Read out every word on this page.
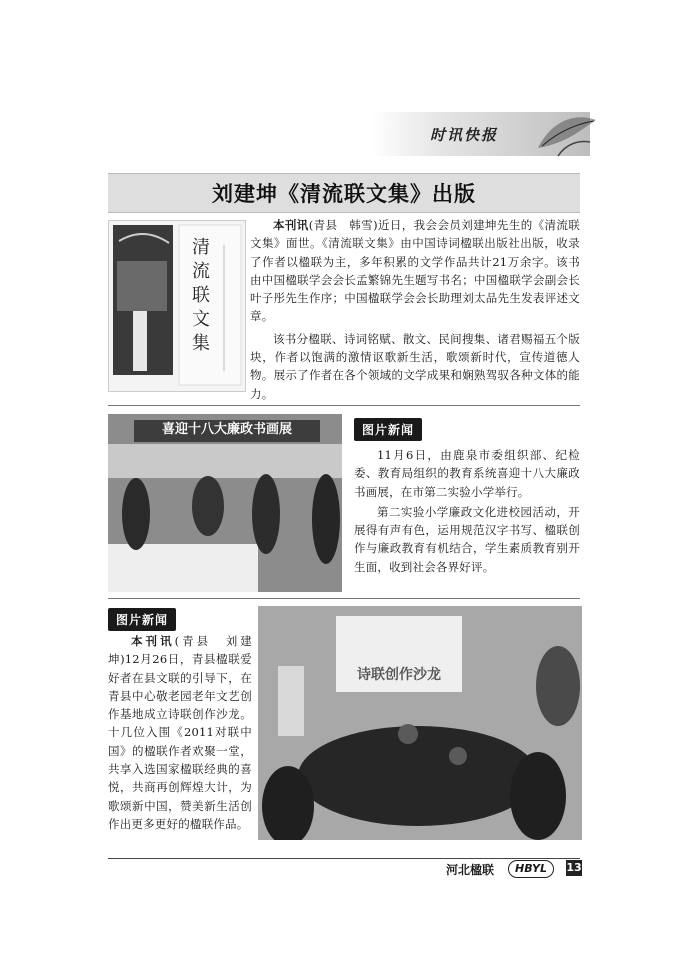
时讯快报
刘建坤《清流联文集》出版
清流联文集
本刊讯(青县　韩雪)近日，我会会员刘建坤先生的《清流联文集》面世。《清流联文集》由中国诗词楹联出版社出版，收录了作者以楹联为主，多年积累的文学作品共计21万余字。该书由中国楹联学会会长孟繁锦先生题写书名；中国楹联学会副会长叶子彤先生作序；中国楹联学会会长助理刘太品先生发表评述文章。
该书分楹联、诗词铭赋、散文、民间搜集、诸君赐福五个版块，作者以饱满的激情讴歌新生活，歌颂新时代，宣传道德人物。展示了作者在各个领域的文学成果和娴熟驾驭各种文体的能力。
喜迎十八大廉政书画展	图片新闻
11月6日，由鹿泉市委组织部、纪检委、教育局组织的教育系统喜迎十八大廉政书画展，在市第二实验小学举行。
第二实验小学廉政文化进校园活动，开展得有声有色，运用规范汉字书写、楹联创作与廉政教育有机结合，学生素质教育别开生面，收到社会各界好评。
图片新闻
本刊讯(青县　刘建坤)12月26日，青县楹联爱好者在县文联的引导下，在青县中心敬老园老年文艺创作基地成立诗联创作沙龙。十几位入围《2011对联中国》的楹联作者欢聚一堂，共享入选国家楹联经典的喜悦，共商再创辉煌大计，为歌颂新中国，赞美新生活创作出更多更好的楹联作品。
诗联创作沙龙
河北楹联	HBYL	13
